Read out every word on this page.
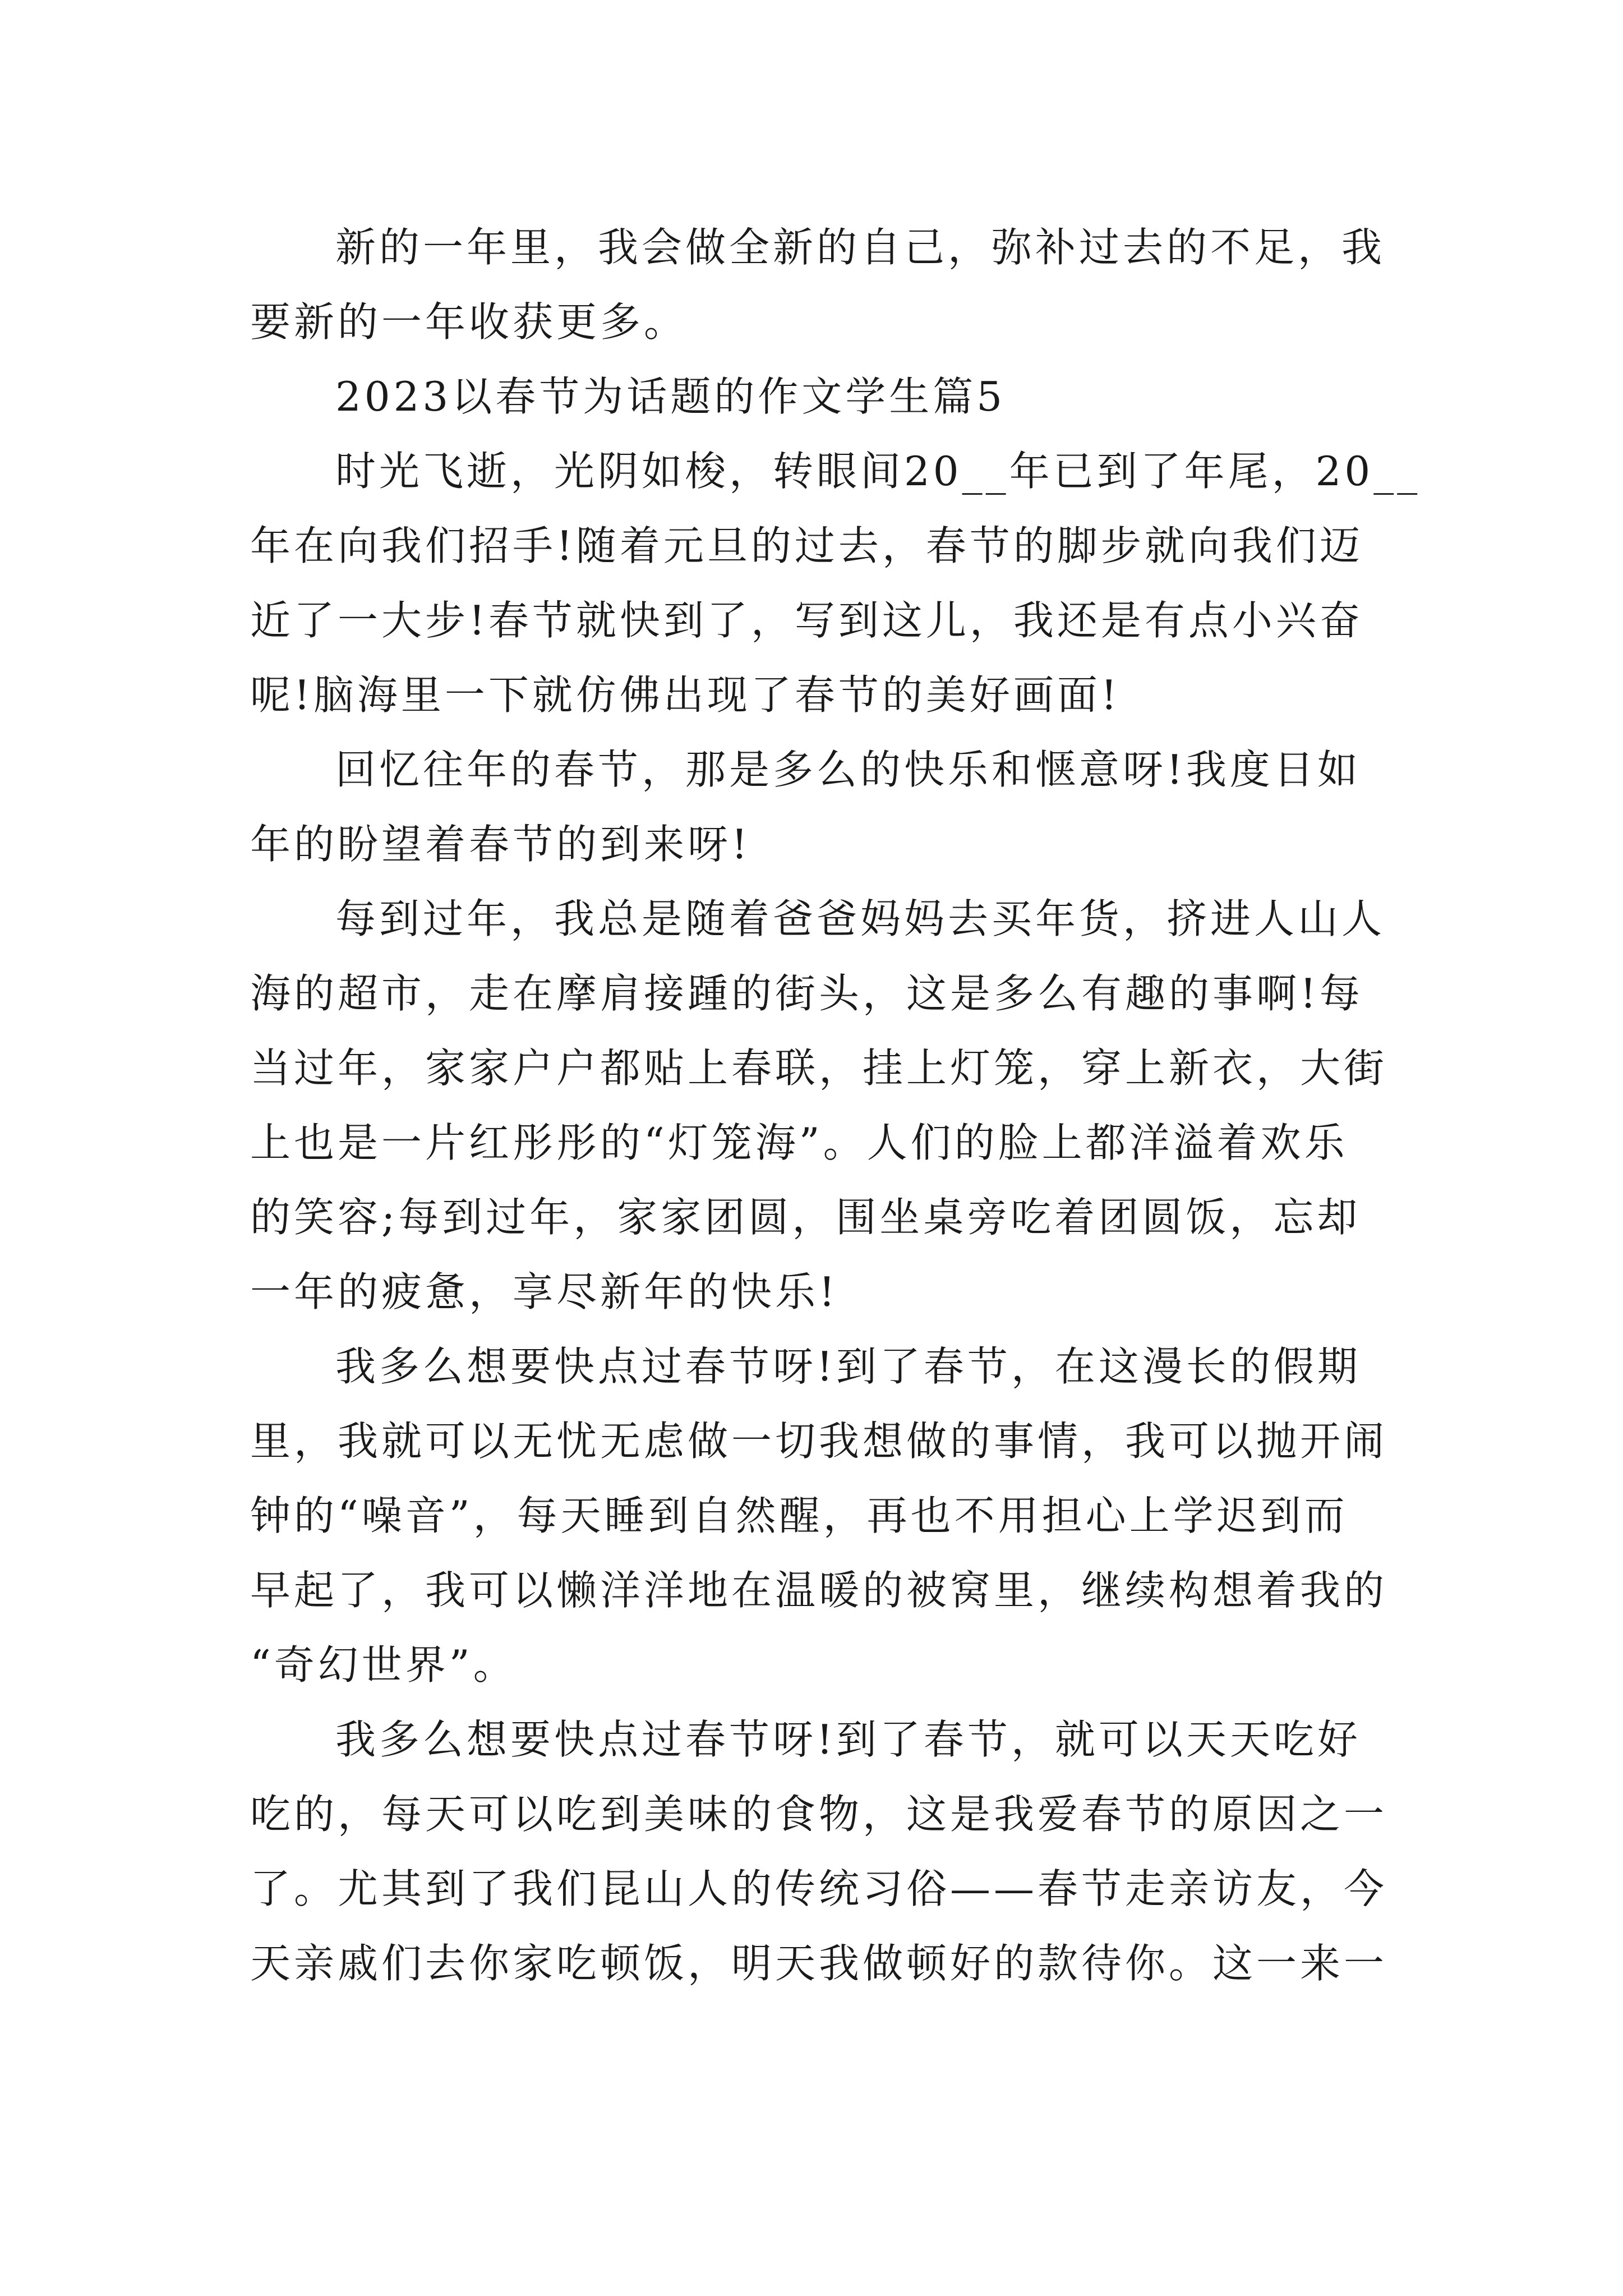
新的一年里，我会做全新的自己，弥补过去的不足，我
要新的一年收获更多。
2023以春节为话题的作文学生篇5
时光飞逝，光阴如梭，转眼间20__年已到了年尾，20__
年在向我们招手!随着元旦的过去，春节的脚步就向我们迈
近了一大步!春节就快到了，写到这儿，我还是有点小兴奋
呢!脑海里一下就仿佛出现了春节的美好画面!
回忆往年的春节，那是多么的快乐和惬意呀!我度日如
年的盼望着春节的到来呀!
每到过年，我总是随着爸爸妈妈去买年货，挤进人山人
海的超市，走在摩肩接踵的街头，这是多么有趣的事啊!每
当过年，家家户户都贴上春联，挂上灯笼，穿上新衣，大街
上也是一片红彤彤的“灯笼海”。人们的脸上都洋溢着欢乐
的笑容;每到过年，家家团圆，围坐桌旁吃着团圆饭，忘却
一年的疲惫，享尽新年的快乐!
我多么想要快点过春节呀!到了春节，在这漫长的假期
里，我就可以无忧无虑做一切我想做的事情，我可以抛开闹
钟的“噪音”，每天睡到自然醒，再也不用担心上学迟到而
早起了，我可以懒洋洋地在温暖的被窝里，继续构想着我的
“奇幻世界”。
我多么想要快点过春节呀!到了春节，就可以天天吃好
吃的，每天可以吃到美味的食物，这是我爱春节的原因之一
了。尤其到了我们昆山人的传统习俗——春节走亲访友，今
天亲戚们去你家吃顿饭，明天我做顿好的款待你。这一来一
